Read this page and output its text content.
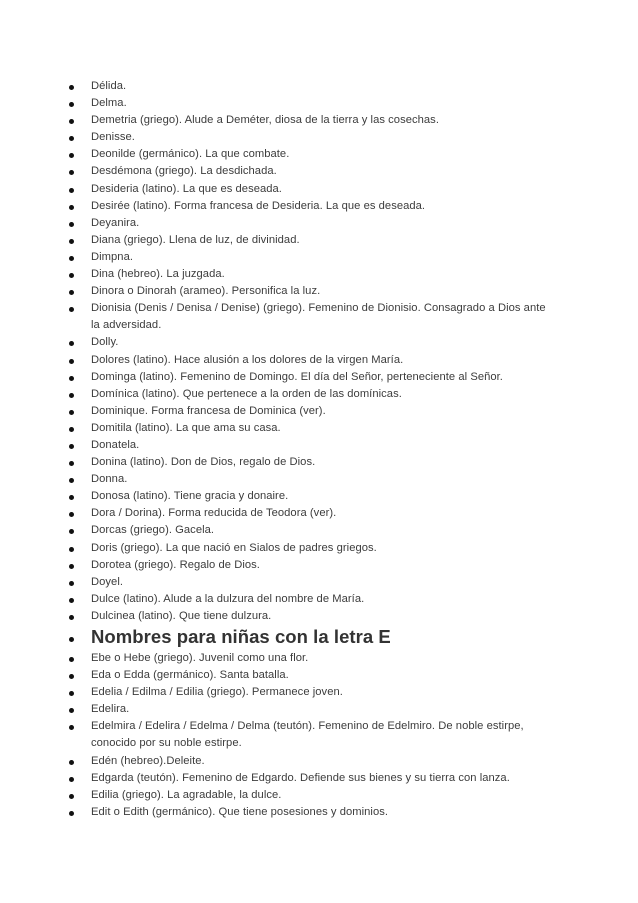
Délida.
Delma.
Demetria (griego). Alude a Deméter, diosa de la tierra y las cosechas.
Denisse.
Deonilde (germánico). La que combate.
Desdémona (griego). La desdichada.
Desideria (latino). La que es deseada.
Desirée (latino). Forma francesa de Desideria. La que es deseada.
Deyanira.
Diana (griego). Llena de luz, de divinidad.
Dimpna.
Dina (hebreo). La juzgada.
Dinora o Dinorah (arameo). Personifica la luz.
Dionisia (Denis / Denisa / Denise) (griego). Femenino de Dionisio. Consagrado a Dios ante la adversidad.
Dolly.
Dolores (latino). Hace alusión a los dolores de la virgen María.
Dominga (latino). Femenino de Domingo. El día del Señor, perteneciente al Señor.
Domínica (latino). Que pertenece a la orden de las domínicas.
Dominique. Forma francesa de Dominica (ver).
Domitila (latino). La que ama su casa.
Donatela.
Donina (latino). Don de Dios, regalo de Dios.
Donna.
Donosa (latino). Tiene gracia y donaire.
Dora / Dorina). Forma reducida de Teodora (ver).
Dorcas (griego). Gacela.
Doris (griego). La que nació en Sialos de padres griegos.
Dorotea (griego). Regalo de Dios.
Doyel.
Dulce (latino). Alude a la dulzura del nombre de María.
Dulcinea (latino). Que tiene dulzura.
Nombres para niñas con la letra E
Ebe o Hebe (griego). Juvenil como una flor.
Eda o Edda (germánico). Santa batalla.
Edelia / Edilma / Edilia (griego). Permanece joven.
Edelira.
Edelmira / Edelira / Edelma / Delma (teutón). Femenino de Edelmiro. De noble estirpe, conocido por su noble estirpe.
Edén (hebreo).Deleite.
Edgarda (teutón). Femenino de Edgardo. Defiende sus bienes y su tierra con lanza.
Edilia (griego). La agradable, la dulce.
Edit o Edith (germánico). Que tiene posesiones y dominios.
